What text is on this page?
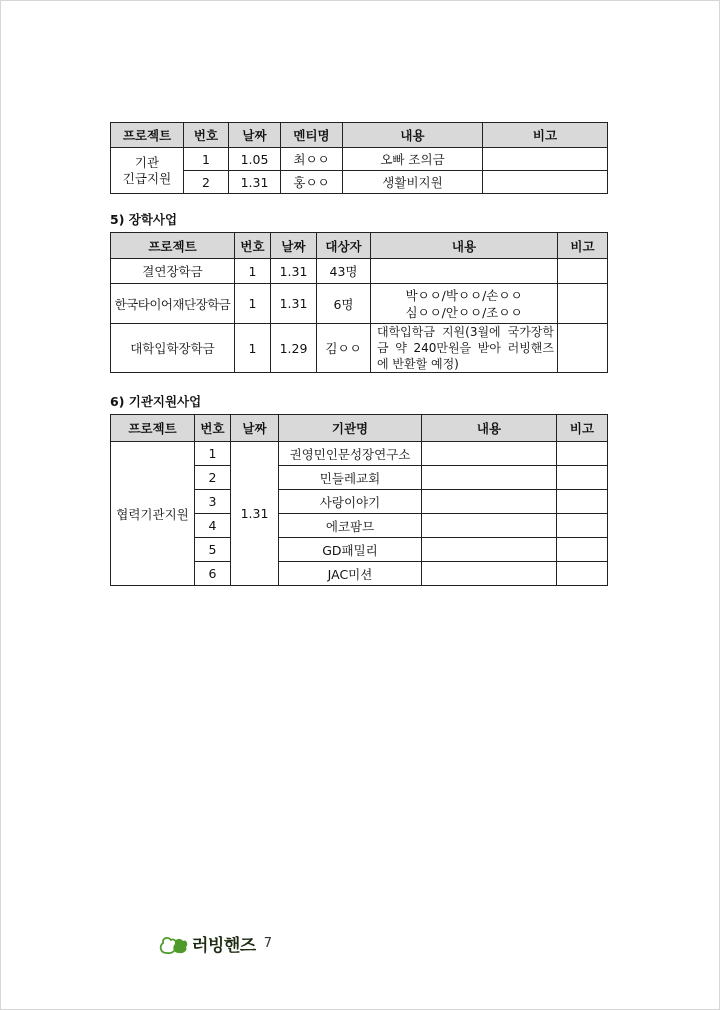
프로젝트	번호	날짜	멘티명	내용	비고
기관
긴급지원	1	1.05	최ㅇㅇ	오빠 조의금	
	2	1.31	홍ㅇㅇ	생활비지원	
5) 장학사업
프로젝트	번호	날짜	대상자	내용	비고
결연장학금	1	1.31	43명		
한국타이어재단장학금	1	1.31	6명	박ㅇㅇ/박ㅇㅇ/손ㅇㅇ
심ㅇㅇ/안ㅇㅇ/조ㅇㅇ	
대학입학장학금	1	1.29	김ㅇㅇ	대학입학금 지원(3월에 국가장학금 약 240만원을 받아 러빙핸즈에 반환할 예정)	
6) 기관지원사업
프로젝트	번호	날짜	기관명	내용	비고
협력기관지원	1	1.31	권영민인문성장연구소		
	2		민들레교회		
	3		사랑이야기		
	4		에코팜므		
	5		GD패밀리		
	6		JAC미션		
러빙핸즈 7
